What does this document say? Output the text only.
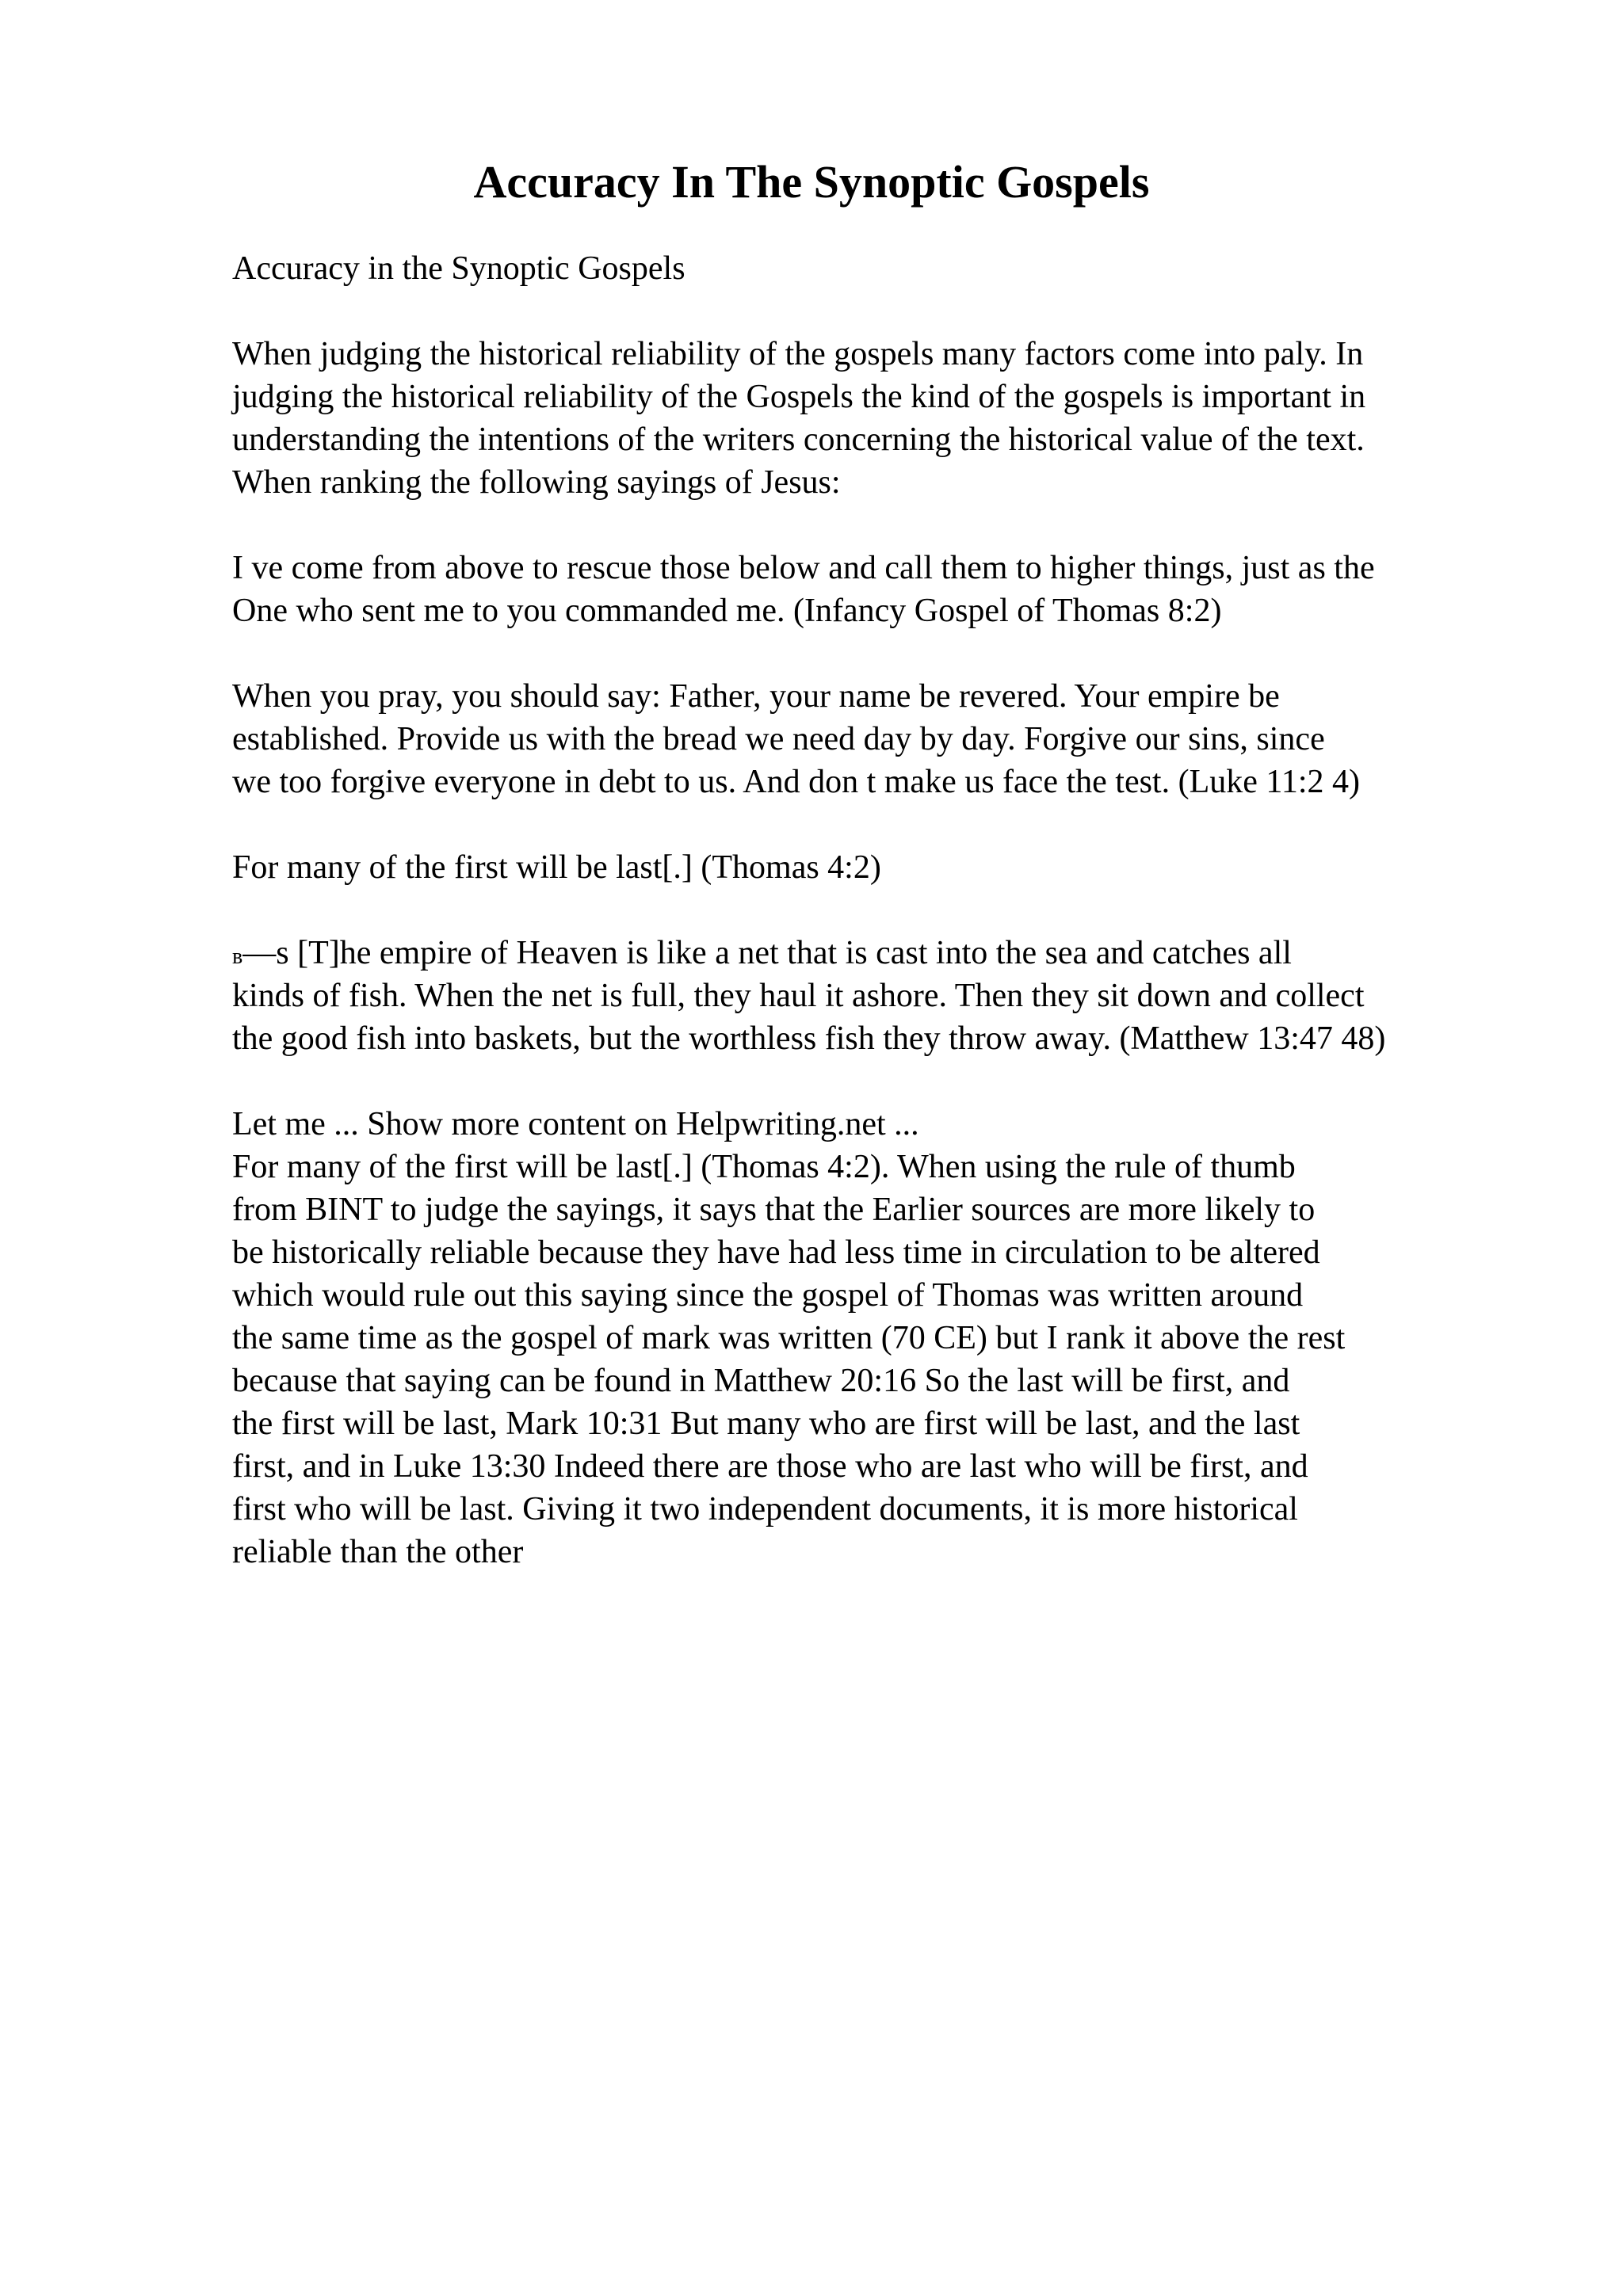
Accuracy In The Synoptic Gospels
Accuracy in the Synoptic Gospels
When judging the historical reliability of the gospels many factors come into paly. In
judging the historical reliability of the Gospels the kind of the gospels is important in
understanding the intentions of the writers concerning the historical value of the text.
When ranking the following sayings of Jesus:
I ve come from above to rescue those below and call them to higher things, just as the
One who sent me to you commanded me. (Infancy Gospel of Thomas 8:2)
When you pray, you should say: Father, your name be revered. Your empire be
established. Provide us with the bread we need day by day. Forgive our sins, since
we too forgive everyone in debt to us. And don t make us face the test. (Luke 11:2 4)
For many of the first will be last[.] (Thomas 4:2)
в—s [T]he empire of Heaven is like a net that is cast into the sea and catches all
kinds of fish. When the net is full, they haul it ashore. Then they sit down and collect
the good fish into baskets, but the worthless fish they throw away. (Matthew 13:47 48)
Let me ... Show more content on Helpwriting.net ...
For many of the first will be last[.] (Thomas 4:2). When using the rule of thumb
from BINT to judge the sayings, it says that the Earlier sources are more likely to
be historically reliable because they have had less time in circulation to be altered
which would rule out this saying since the gospel of Thomas was written around
the same time as the gospel of mark was written (70 CE) but I rank it above the rest
because that saying can be found in Matthew 20:16 So the last will be first, and
the first will be last, Mark 10:31 But many who are first will be last, and the last
first, and in Luke 13:30 Indeed there are those who are last who will be first, and
first who will be last. Giving it two independent documents, it is more historical
reliable than the other
